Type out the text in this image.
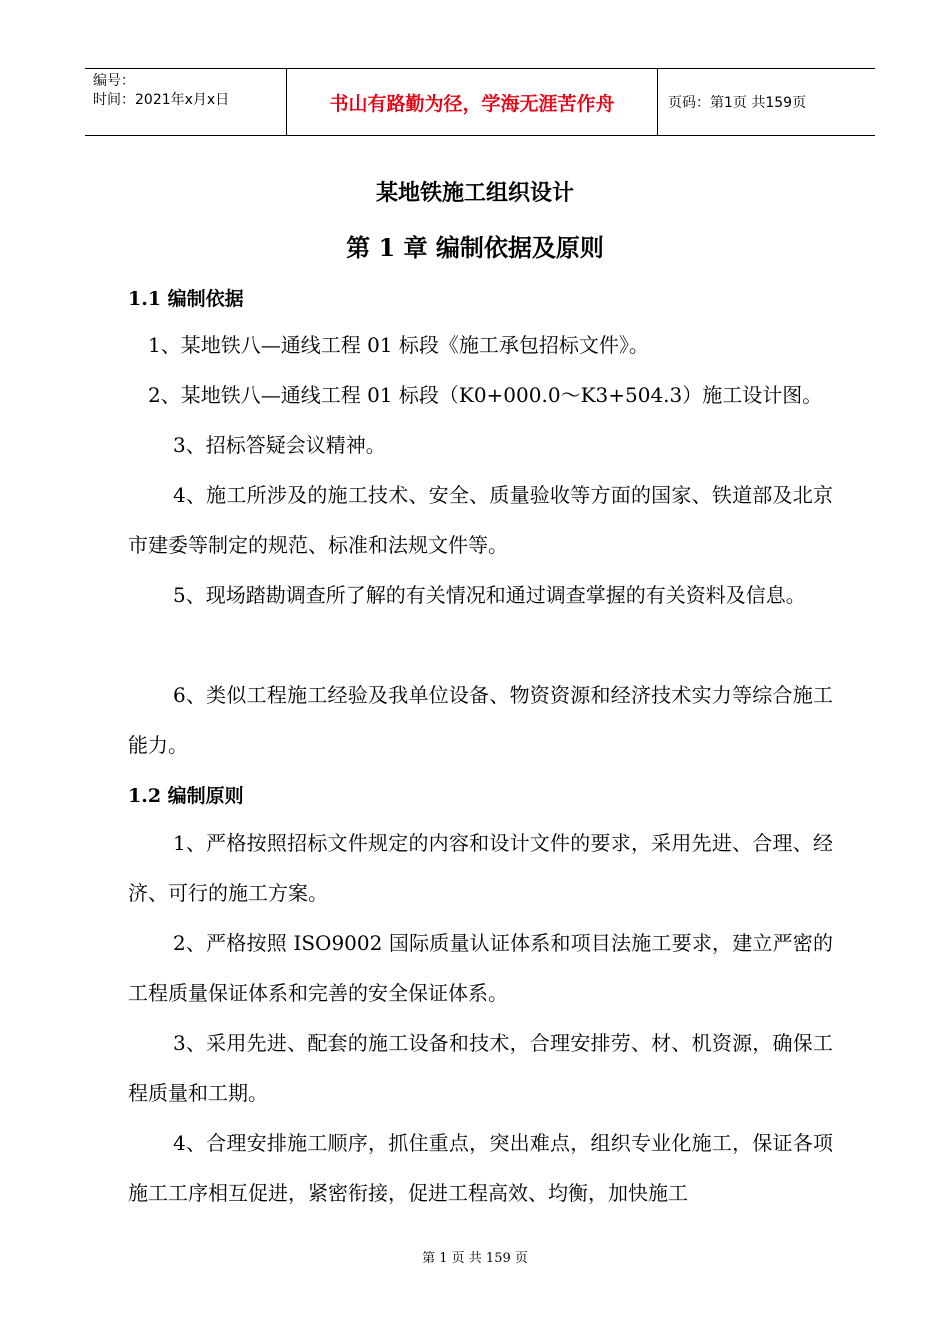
编号：
时间：2021年x月x日	书山有路勤为径，学海无涯苦作舟	页码：第1页 共159页
某地铁施工组织设计
第 1 章 编制依据及原则
1.1 编制依据
1、某地铁八—通线工程 01 标段《施工承包招标文件》。
2、某地铁八—通线工程 01 标段（K0+000.0～K3+504.3）施工设计图。
3、招标答疑会议精神。
4、施工所涉及的施工技术、安全、质量验收等方面的国家、铁道部及北京市建委等制定的规范、标准和法规文件等。
5、现场踏勘调查所了解的有关情况和通过调查掌握的有关资料及信息。
6、类似工程施工经验及我单位设备、物资资源和经济技术实力等综合施工能力。
1.2 编制原则
1、严格按照招标文件规定的内容和设计文件的要求，采用先进、合理、经济、可行的施工方案。
2、严格按照 ISO9002 国际质量认证体系和项目法施工要求，建立严密的工程质量保证体系和完善的安全保证体系。
3、采用先进、配套的施工设备和技术，合理安排劳、材、机资源，确保工程质量和工期。
4、合理安排施工顺序，抓住重点，突出难点，组织专业化施工，保证各项施工工序相互促进，紧密衔接，促进工程高效、均衡，加快施工
第 1 页 共 159 页
